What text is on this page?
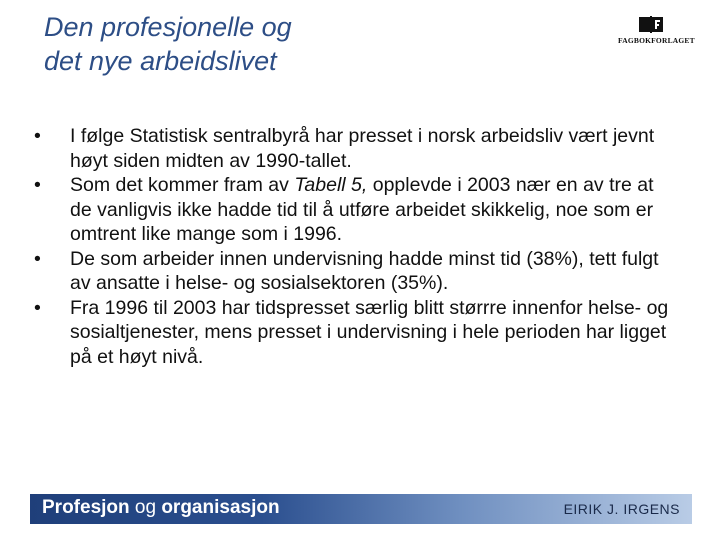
Den profesjonelle og
det nye arbeidslivet
FAGBOKFORLAGET
• I følge Statistisk sentralbyrå har presset i norsk arbeidsliv vært jevnt høyt siden midten av 1990-tallet.
• Som det kommer fram av Tabell 5, opplevde i 2003 nær en av tre at de vanligvis ikke hadde tid til å utføre arbeidet skikkelig, noe som er omtrent like mange som i 1996.
• De som arbeider innen undervisning hadde minst tid (38%), tett fulgt av ansatte i helse- og sosialsektoren (35%).
• Fra 1996 til 2003 har tidspresset særlig blitt størrre innenfor helse- og sosialtjenester, mens presset i undervisning i hele perioden har ligget på et høyt nivå.
Profesjon og organisasjon	EIRIK J. IRGENS
